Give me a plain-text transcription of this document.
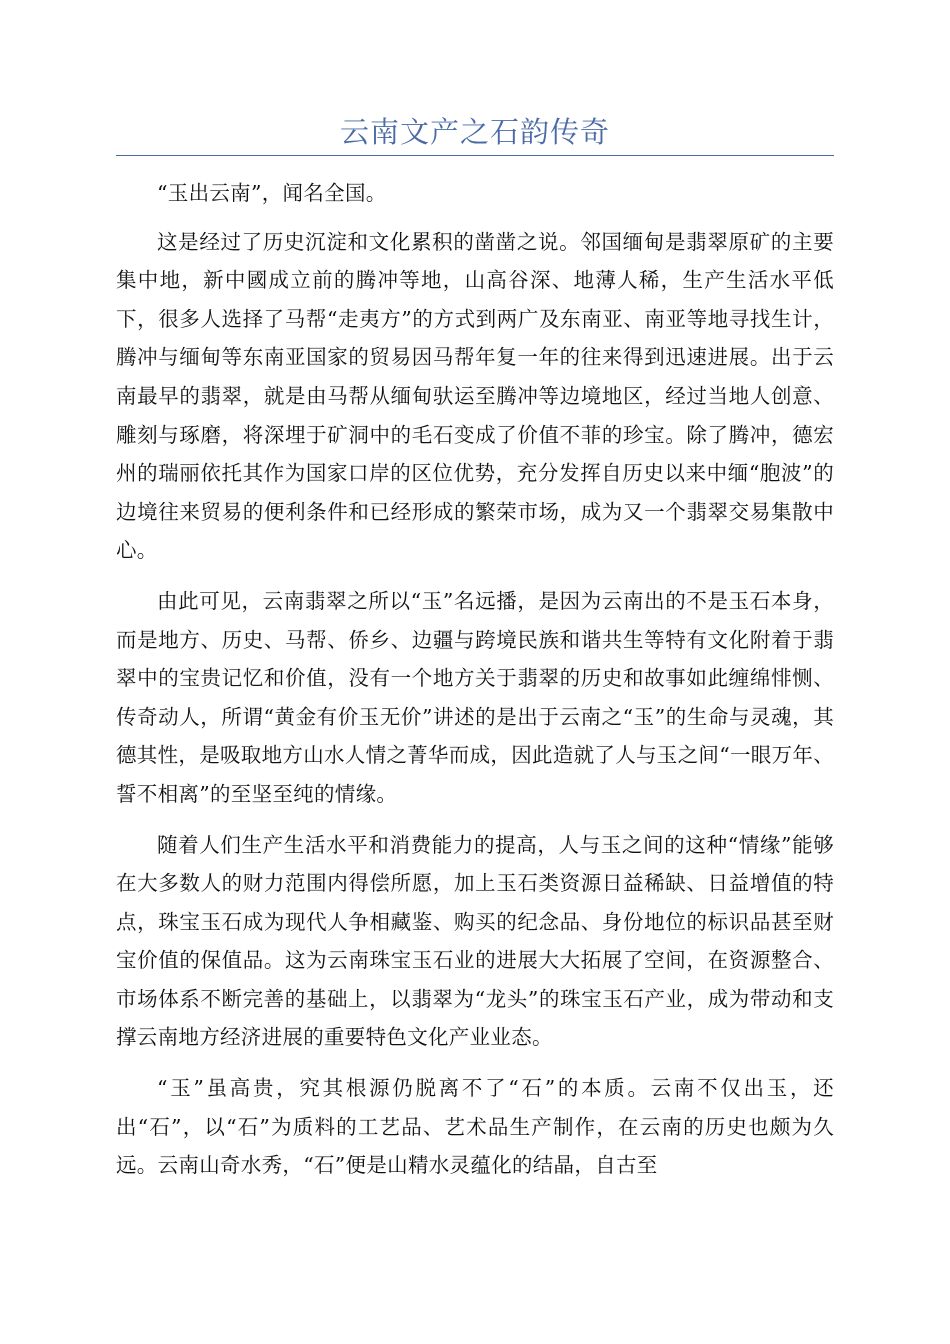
云南文产之石韵传奇

“玉出云南”，闻名全国。

这是经过了历史沉淀和文化累积的凿凿之说。邻国缅甸是翡翠原矿的主要集中地，新中國成立前的腾冲等地，山高谷深、地薄人稀，生产生活水平低下，很多人选择了马帮“走夷方”的方式到两广及东南亚、南亚等地寻找生计，腾冲与缅甸等东南亚国家的贸易因马帮年复一年的往来得到迅速进展。出于云南最早的翡翠，就是由马帮从缅甸驮运至腾冲等边境地区，经过当地人创意、雕刻与琢磨，将深埋于矿洞中的毛石变成了价值不菲的珍宝。除了腾冲，德宏州的瑞丽依托其作为国家口岸的区位优势，充分发挥自历史以来中缅“胞波”的边境往来贸易的便利条件和已经形成的繁荣市场，成为又一个翡翠交易集散中心。

由此可见，云南翡翠之所以“玉”名远播，是因为云南出的不是玉石本身，而是地方、历史、马帮、侨乡、边疆与跨境民族和谐共生等特有文化附着于翡翠中的宝贵记忆和价值，没有一个地方关于翡翠的历史和故事如此缠绵悱恻、传奇动人，所谓“黄金有价玉无价”讲述的是出于云南之“玉”的生命与灵魂，其德其性，是吸取地方山水人情之菁华而成，因此造就了人与玉之间“一眼万年、誓不相离”的至坚至纯的情缘。

随着人们生产生活水平和消费能力的提高，人与玉之间的这种“情缘”能够在大多数人的财力范围内得偿所愿，加上玉石类资源日益稀缺、日益增值的特点，珠宝玉石成为现代人争相藏鉴、购买的纪念品、身份地位的标识品甚至财宝价值的保值品。这为云南珠宝玉石业的进展大大拓展了空间，在资源整合、市场体系不断完善的基础上，以翡翠为“龙头”的珠宝玉石产业，成为带动和支撑云南地方经济进展的重要特色文化产业业态。

“玉”虽高贵，究其根源仍脱离不了“石”的本质。云南不仅出玉，还出“石”，以“石”为质料的工艺品、艺术品生产制作，在云南的历史也颇为久远。云南山奇水秀，“石”便是山精水灵蕴化的结晶，自古至
